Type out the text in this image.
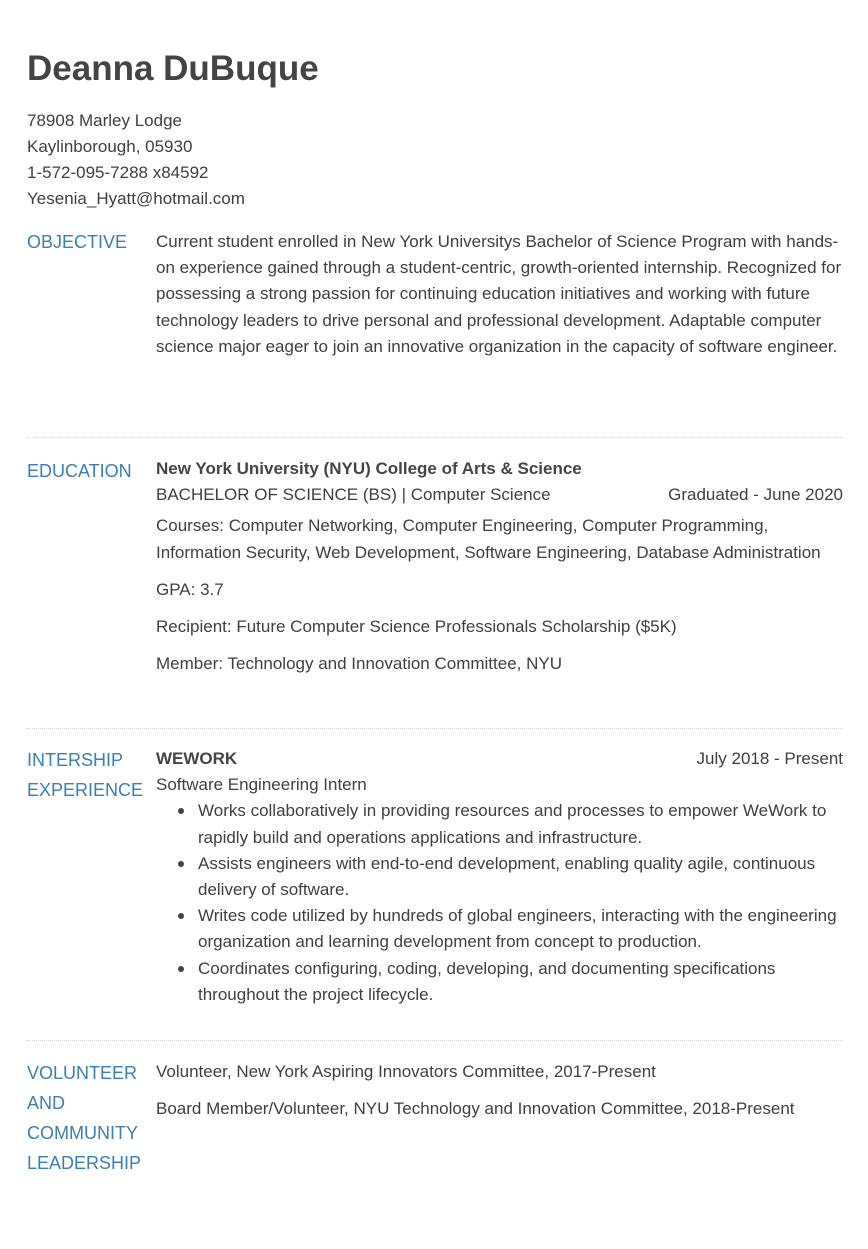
Deanna DuBuque
78908 Marley Lodge
Kaylinborough, 05930
1-572-095-7288 x84592
Yesenia_Hyatt@hotmail.com
OBJECTIVE	Current student enrolled in New York Universitys Bachelor of Science Program with hands-on experience gained through a student-centric, growth-oriented internship. Recognized for possessing a strong passion for continuing education initiatives and working with future technology leaders to drive personal and professional development. Adaptable computer science major eager to join an innovative organization in the capacity of software engineer.

EDUCATION	New York University (NYU) College of Arts & Science
BACHELOR OF SCIENCE (BS) | Computer Science	Graduated - June 2020

Courses: Computer Networking, Computer Engineering, Computer Programming, Information Security, Web Development, Software Engineering, Database Administration

GPA: 3.7

Recipient: Future Computer Science Professionals Scholarship ($5K)

Member: Technology and Innovation Committee, NYU

INTERSHIP
EXPERIENCE
WEWORK	July 2018 - Present
Software Engineering Intern
Works collaboratively in providing resources and processes to empower WeWork to rapidly build and operations applications and infrastructure.
Assists engineers with end-to-end development, enabling quality agile, continuous delivery of software.
Writes code utilized by hundreds of global engineers, interacting with the engineering organization and learning development from concept to production.
Coordinates configuring, coding, developing, and documenting specifications throughout the project lifecycle.
VOLUNTEER
AND
COMMUNITY
LEADERSHIP
Volunteer, New York Aspiring Innovators Committee, 2017-Present
Board Member/Volunteer, NYU Technology and Innovation Committee, 2018-Present
